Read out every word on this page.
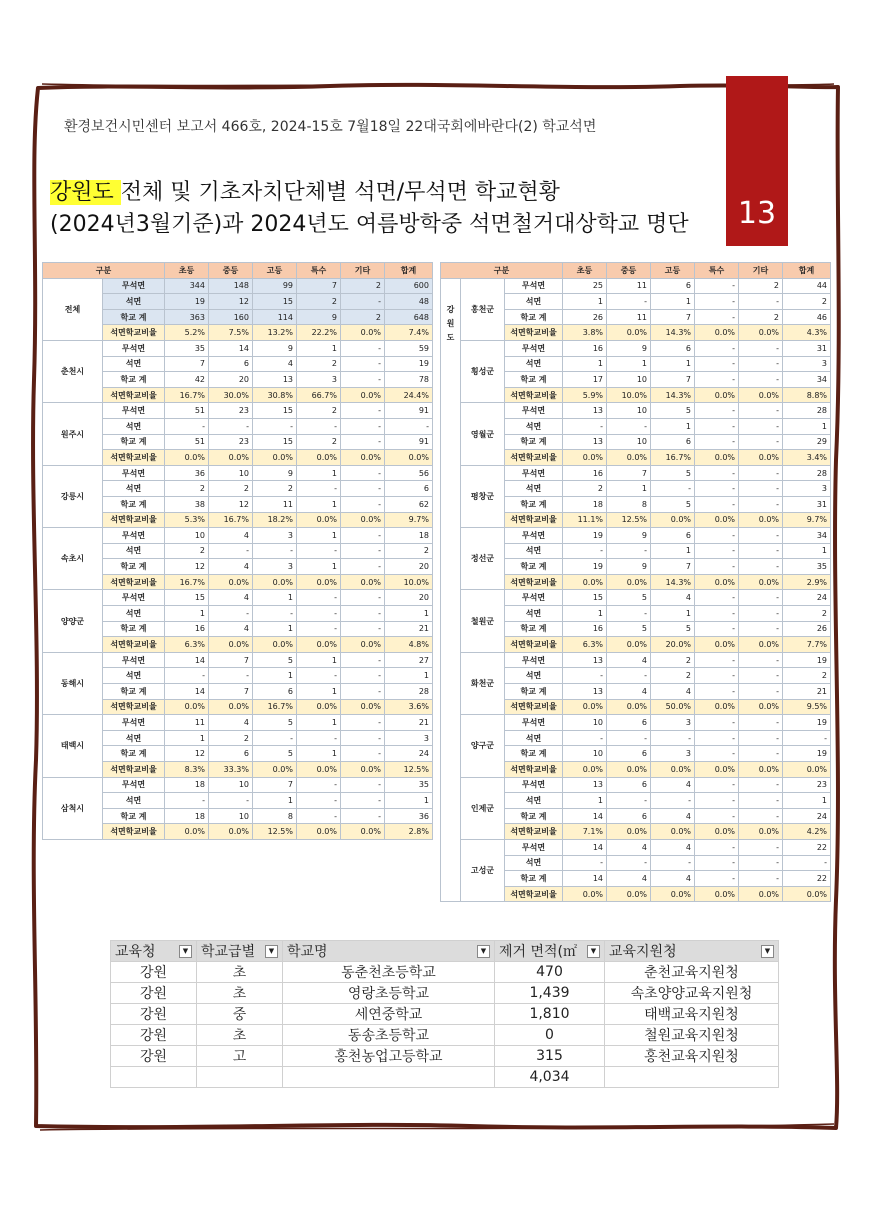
환경보건시민센터 보고서 466호, 2024-15호 7월18일 22대국회에바란다(2) 학교석면
13
강원도 전체 및 기초자치단체별 석면/무석면 학교현황
(2024년3월기준)과 2024년도 여름방학중 석면철거대상학교 명단
구분		초등	중등	고등	특수	기타	합계
전체	무석면	344	148	99	7	2	600
	석면	19	12	15	2	-	48
	학교 계	363	160	114	9	2	648
	석면학교비율	5.2%	7.5%	13.2%	22.2%	0.0%	7.4%
춘천시	무석면	35	14	9	1	-	59
	석면	7	6	4	2	-	19
	학교 계	42	20	13	3	-	78
	석면학교비율	16.7%	30.0%	30.8%	66.7%	0.0%	24.4%
원주시	무석면	51	23	15	2	-	91
	석면	-	-	-	-	-	-
	학교 계	51	23	15	2	-	91
	석면학교비율	0.0%	0.0%	0.0%	0.0%	0.0%	0.0%
강릉시	무석면	36	10	9	1	-	56
	석면	2	2	2	-	-	6
	학교 계	38	12	11	1	-	62
	석면학교비율	5.3%	16.7%	18.2%	0.0%	0.0%	9.7%
속초시	무석면	10	4	3	1	-	18
	석면	2	-	-	-	-	2
	학교 계	12	4	3	1	-	20
	석면학교비율	16.7%	0.0%	0.0%	0.0%	0.0%	10.0%
양양군	무석면	15	4	1	-	-	20
	석면	1	-	-	-	-	1
	학교 계	16	4	1	-	-	21
	석면학교비율	6.3%	0.0%	0.0%	0.0%	0.0%	4.8%
동해시	무석면	14	7	5	1	-	27
	석면	-	-	1	-	-	1
	학교 계	14	7	6	1	-	28
	석면학교비율	0.0%	0.0%	16.7%	0.0%	0.0%	3.6%
태백시	무석면	11	4	5	1	-	21
	석면	1	2	-	-	-	3
	학교 계	12	6	5	1	-	24
	석면학교비율	8.3%	33.3%	0.0%	0.0%	0.0%	12.5%
삼척시	무석면	18	10	7	-	-	35
	석면	-	-	1	-	-	1
	학교 계	18	10	8	-	-	36
	석면학교비율	0.0%	0.0%	12.5%	0.0%	0.0%	2.8%
구분			초등	중등	고등	특수	기타	합계

강원도	홍천군	무석면	25	11	6	-	2	44
		석면	1	-	1	-	-	2
		학교 계	26	11	7	-	2	46
		석면학교비율	3.8%	0.0%	14.3%	0.0%	0.0%	4.3%
	횡성군	무석면	16	9	6	-	-	31
		석면	1	1	1	-	-	3
		학교 계	17	10	7	-	-	34
		석면학교비율	5.9%	10.0%	14.3%	0.0%	0.0%	8.8%
	영월군	무석면	13	10	5	-	-	28
		석면	-	-	1	-	-	1
		학교 계	13	10	6	-	-	29
		석면학교비율	0.0%	0.0%	16.7%	0.0%	0.0%	3.4%
	평창군	무석면	16	7	5	-	-	28
		석면	2	1	-	-	-	3
		학교 계	18	8	5	-	-	31
		석면학교비율	11.1%	12.5%	0.0%	0.0%	0.0%	9.7%
	정선군	무석면	19	9	6	-	-	34
		석면	-	-	1	-	-	1
		학교 계	19	9	7	-	-	35
		석면학교비율	0.0%	0.0%	14.3%	0.0%	0.0%	2.9%
	철원군	무석면	15	5	4	-	-	24
		석면	1	-	1	-	-	2
		학교 계	16	5	5	-	-	26
		석면학교비율	6.3%	0.0%	20.0%	0.0%	0.0%	7.7%
	화천군	무석면	13	4	2	-	-	19
		석면	-	-	2	-	-	2
		학교 계	13	4	4	-	-	21
		석면학교비율	0.0%	0.0%	50.0%	0.0%	0.0%	9.5%
	양구군	무석면	10	6	3	-	-	19
		석면	-	-	-	-	-	-
		학교 계	10	6	3	-	-	19
		석면학교비율	0.0%	0.0%	0.0%	0.0%	0.0%	0.0%
	인제군	무석면	13	6	4	-	-	23
		석면	1	-	-	-	-	1
		학교 계	14	6	4	-	-	24
		석면학교비율	7.1%	0.0%	0.0%	0.0%	0.0%	4.2%
	고성군	무석면	14	4	4	-	-	22
		석면	-	-	-	-	-	-
		학교 계	14	4	4	-	-	22
		석면학교비율	0.0%	0.0%	0.0%	0.0%	0.0%	0.0%
교육청 ▼	학교급별 ▼	학교명 ▼	제거 면적(㎡ ▼	교육지원청 ▼

강원	초	동춘천초등학교	470	춘천교육지원청
강원	초	영랑초등학교	1,439	속초양양교육지원청
강원	중	세연중학교	1,810	태백교육지원청
강원	초	동송초등학교	0	철원교육지원청
강원	고	홍천농업고등학교	315	홍천교육지원청
			4,034	
